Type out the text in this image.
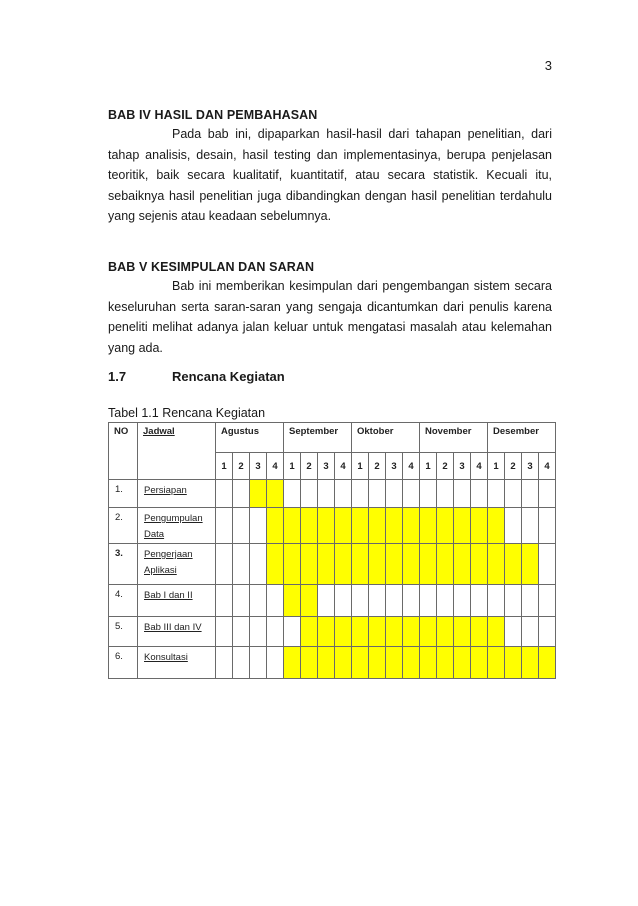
3
BAB IV HASIL DAN PEMBAHASAN

Pada bab ini, dipaparkan hasil-hasil dari tahapan penelitian, dari tahap analisis, desain, hasil testing dan implementasinya, berupa penjelasan teoritik, baik secara kualitatif, kuantitatif, atau secara statistik. Kecuali itu, sebaiknya hasil penelitian juga dibandingkan dengan hasil penelitian terdahulu yang sejenis atau keadaan sebelumnya.

BAB V KESIMPULAN DAN SARAN

Bab ini memberikan kesimpulan dari pengembangan sistem secara keseluruhan serta saran-saran yang sengaja dicantumkan dari penulis karena peneliti melihat adanya jalan keluar untuk mengatasi masalah atau kelemahan yang ada.

1.7	Rencana Kegiatan
Tabel 1.1 Rencana Kegiatan
NO	Jadwal	Agustus				September				Oktober				November				Desember			
		1	2	3	4	1	2	3	4	1	2	3	4	1	2	3	4	1	2	3	4
1.	Persiapan																				
2.	Pengumpulan Data																				
3.	Pengerjaan Aplikasi																				
4.	Bab I dan II																				
5.	Bab III dan IV																				
6.	Konsultasi																				
